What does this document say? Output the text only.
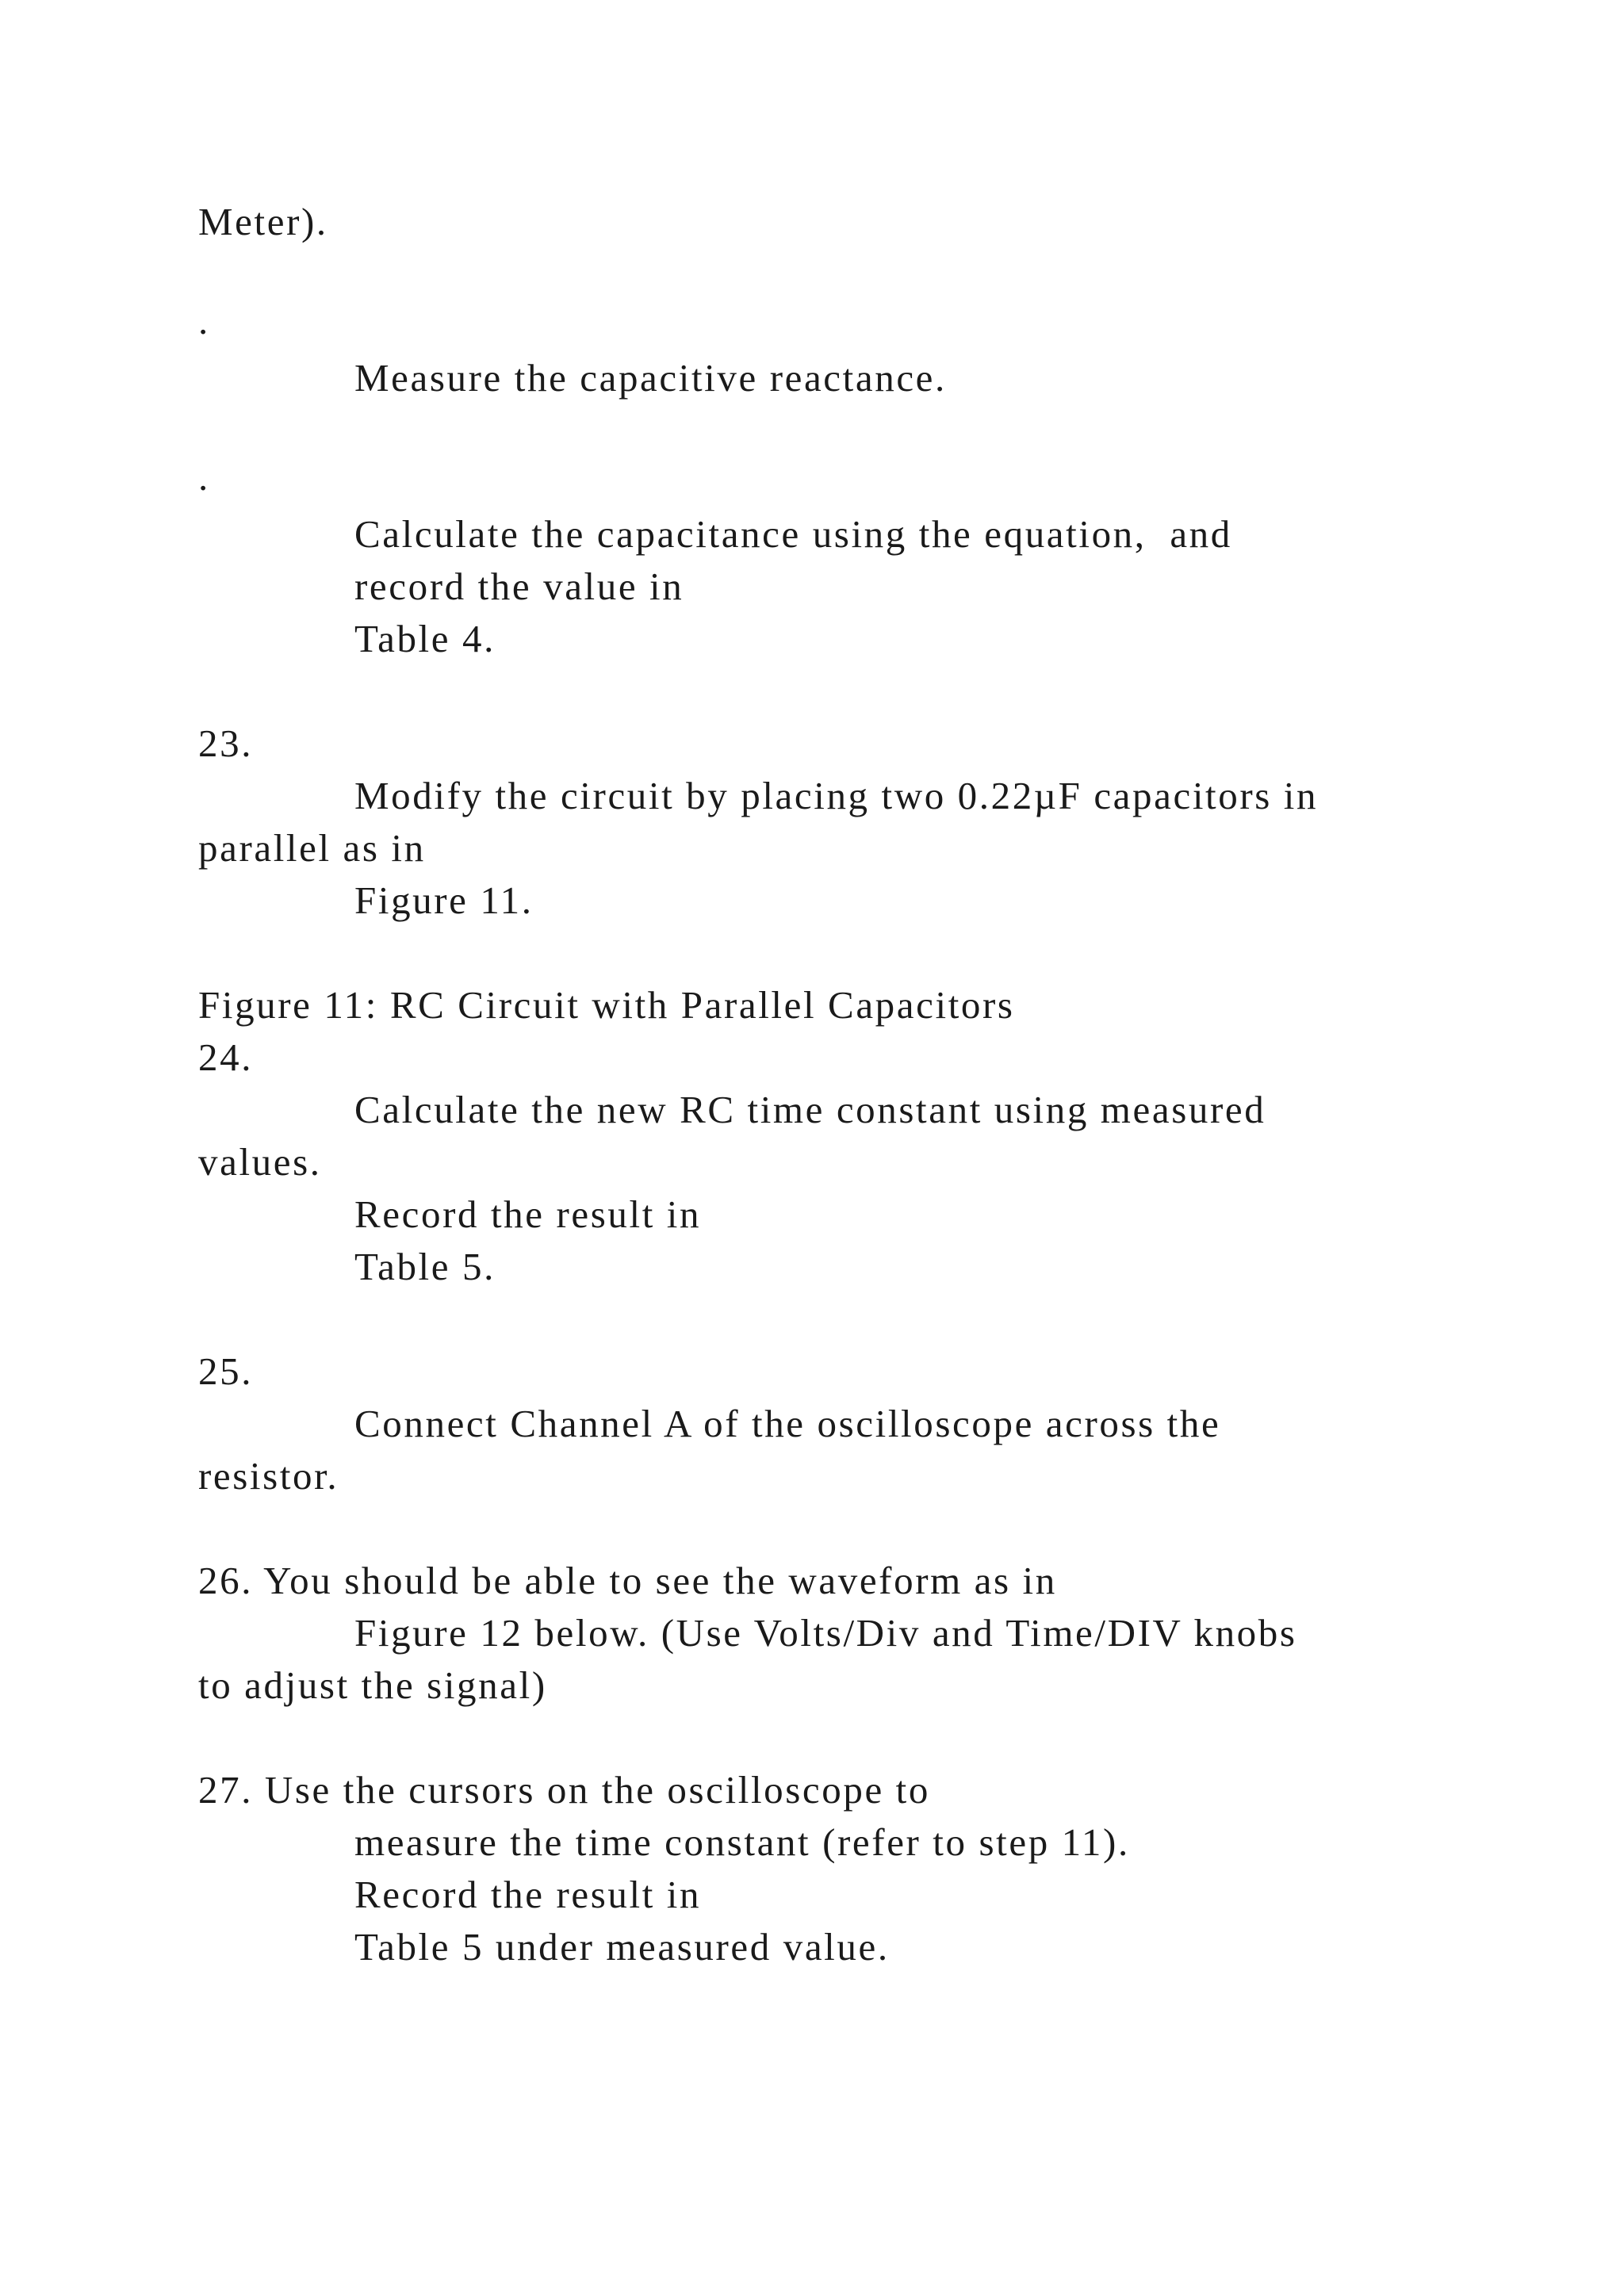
Meter).
.
Measure the capacitive reactance.
.
Calculate the capacitance using the equation,  and
record the value in
Table 4.
23.
Modify the circuit by placing two 0.22µF capacitors in
parallel as in
Figure 11.
Figure 11: RC Circuit with Parallel Capacitors
24.
Calculate the new RC time constant using measured
values.
Record the result in
Table 5.
25.
Connect Channel A of the oscilloscope across the
resistor.
26. You should be able to see the waveform as in
Figure 12 below. (Use Volts/Div and Time/DIV knobs
to adjust the signal)
27. Use the cursors on the oscilloscope to
measure the time constant (refer to step 11).
Record the result in
Table 5 under measured value.
